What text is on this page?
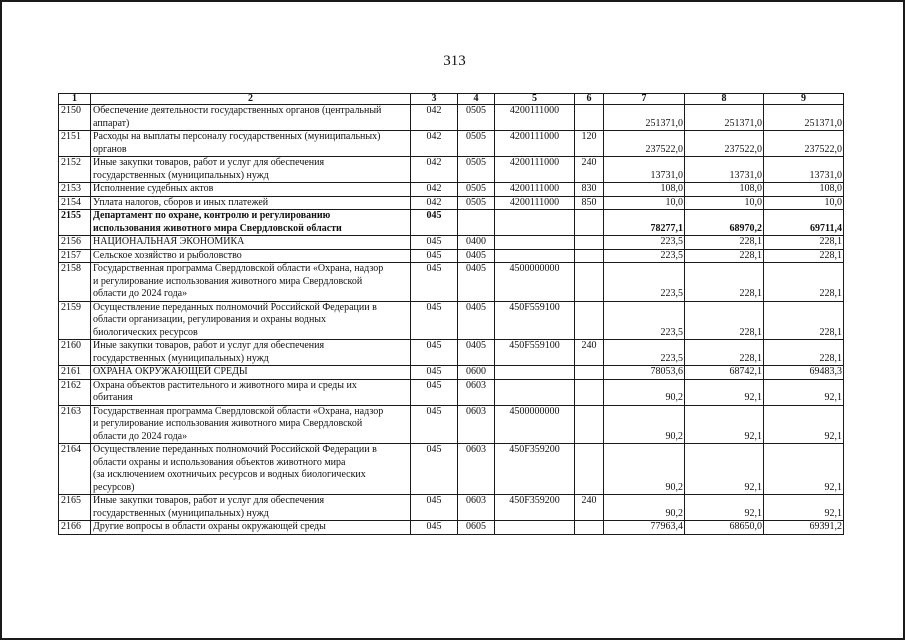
313
1	2	3	4	5	6	7	8	9
2150	Обеспечение деятельности государственных органов (центральный
аппарат)	042	0505	4200111000		251371,0	251371,0	251371,0
2151	Расходы на выплаты персоналу государственных (муниципальных)
органов	042	0505	4200111000	120	237522,0	237522,0	237522,0
2152	Иные закупки товаров, работ и услуг для обеспечения
государственных (муниципальных) нужд	042	0505	4200111000	240	13731,0	13731,0	13731,0
2153	Исполнение судебных актов	042	0505	4200111000	830	108,0	108,0	108,0
2154	Уплата налогов, сборов и иных платежей	042	0505	4200111000	850	10,0	10,0	10,0
2155	Департамент по охране, контролю и регулированию
использования животного мира Свердловской области	045				78277,1	68970,2	69711,4
2156	НАЦИОНАЛЬНАЯ ЭКОНОМИКА	045	0400			223,5	228,1	228,1
2157	Сельское хозяйство и рыболовство	045	0405			223,5	228,1	228,1
2158	Государственная программа Свердловской области «Охрана, надзор
и регулирование использования животного мира Свердловской
области до 2024 года»	045	0405	4500000000		223,5	228,1	228,1
2159	Осуществление переданных полномочий Российской Федерации в
области организации, регулирования и охраны водных
биологических ресурсов	045	0405	450F559100		223,5	228,1	228,1
2160	Иные закупки товаров, работ и услуг для обеспечения
государственных (муниципальных) нужд	045	0405	450F559100	240	223,5	228,1	228,1
2161	ОХРАНА ОКРУЖАЮЩЕЙ СРЕДЫ	045	0600			78053,6	68742,1	69483,3
2162	Охрана объектов растительного и животного мира и среды их
обитания	045	0603			90,2	92,1	92,1
2163	Государственная программа Свердловской области «Охрана, надзор
и регулирование использования животного мира Свердловской
области до 2024 года»	045	0603	4500000000		90,2	92,1	92,1
2164	Осуществление переданных полномочий Российской Федерации в
области охраны и использования объектов животного мира
(за исключением охотничьих ресурсов и водных биологических
ресурсов)	045	0603	450F359200		90,2	92,1	92,1
2165	Иные закупки товаров, работ и услуг для обеспечения
государственных (муниципальных) нужд	045	0603	450F359200	240	90,2	92,1	92,1
2166	Другие вопросы в области охраны окружающей среды	045	0605			77963,4	68650,0	69391,2
